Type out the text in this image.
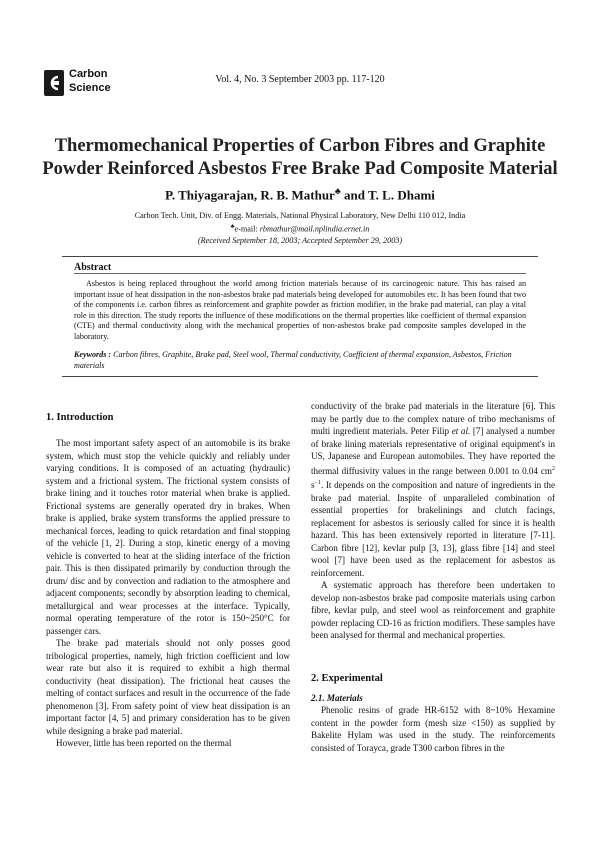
Carbon
Science
Vol. 4, No. 3 September 2003 pp. 117-120
Thermomechanical Properties of Carbon Fibres and Graphite
Powder Reinforced Asbestos Free Brake Pad Composite Material
P. Thiyagarajan, R. B. Mathur♣ and T. L. Dhami
Carbon Tech. Unit, Div. of Engg. Materials, National Physical Laboratory, New Delhi 110 012, India
♣e-mail: rbmathur@mail.nplindia.ernet.in
(Received September 18, 2003; Accepted September 29, 2003)
Abstract
Asbestos is being replaced throughout the world among friction materials because of its carcinogenic nature. This has raised an important issue of heat dissipation in the non-asbestos brake pad materials being developed for automobiles etc. It has been found that two of the components i.e. carbon fibres as reinforcement and graphite powder as friction modifier, in the brake pad material, can play a vital role in this direction. The study reports the influence of these modifications on the thermal properties like coefficient of thermal expansion (CTE) and thermal conductivity along with the mechanical properties of non-asbestos brake pad composite samples developed in the laboratory.
Keywords : Carbon fibres, Graphite, Brake pad, Steel wool, Thermal conductivity, Coefficient of thermal expansion, Asbestos, Friction materials
1. Introduction

The most important safety aspect of an automobile is its brake system, which must stop the vehicle quickly and reliably under varying conditions. It is composed of an actuating (hydraulic) system and a frictional system. The frictional system consists of brake lining and it touches rotor material when brake is applied. Frictional systems are generally operated dry in brakes. When brake is applied, brake system transforms the applied pressure to mechanical forces, leading to quick retardation and final stopping of the vehicle [1, 2]. During a stop, kinetic energy of a moving vehicle is converted to heat at the sliding interface of the friction pair. This is then dissipated primarily by conduction through the drum/ disc and by convection and radiation to the atmosphere and adjacent components; secondly by absorption leading to chemical, metallurgical and wear processes at the interface. Typically, normal operating temperature of the rotor is 150~250°C for passenger cars.

The brake pad materials should not only posses good tribological properties, namely, high friction coefficient and low wear rate but also it is required to exhibit a high thermal conductivity (heat dissipation). The frictional heat causes the melting of contact surfaces and result in the occurrence of the fade phenomenon [3]. From safety point of view heat dissipation is an important factor [4, 5] and primary consideration has to be given while designing a brake pad material.

However, little has been reported on the thermal

conductivity of the brake pad materials in the literature [6]. This may be partly due to the complex nature of tribo mechanisms of multi ingredient materials. Peter Filip et al. [7] analysed a number of brake lining materials representative of original equipment's in US, Japanese and European automobiles. They have reported the thermal diffusivity values in the range between 0.001 to 0.04 $cm^2$ $s^{-1}$. It depends on the composition and nature of ingredients in the brake pad material. Inspite of unparalleled combination of essential properties for brakelinings and clutch facings, replacement for asbestos is seriously called for since it is health hazard. This has been extensively reported in literature [7-11]. Carbon fibre [12], kevlar pulp [3, 13], glass fibre [14] and steel wool [7] have been used as the replacement for asbestos as reinforcement.

A systematic approach has therefore been undertaken to develop non-asbestos brake pad composite materials using carbon fibre, kevlar pulp, and steel wool as reinforcement and graphite powder replacing CD-16 as friction modifiers. These samples have been analysed for thermal and mechanical properties.

2. Experimental
2.1. Materials

Phenolic resins of grade HR-6152 with 8~10% Hexamine content in the powder form (mesh size <150) as supplied by Bakelite Hylam was used in the study. The reinforcements consisted of Torayca, grade T300 carbon fibres in the
